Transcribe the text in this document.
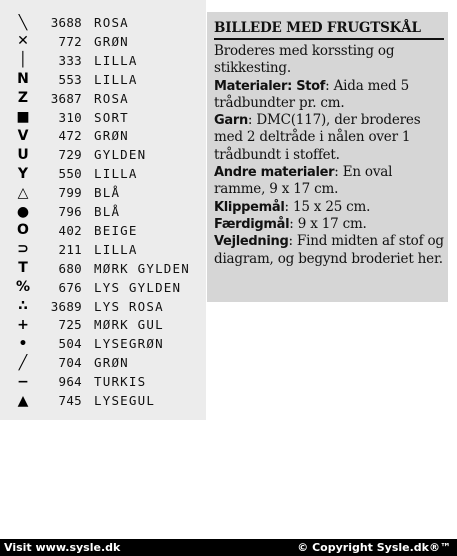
╲	3688 ROSA
✕ 772 GRØN
│	333 LILLA
Ν 553 LILLA
Z	3687 ROSA
■ 310 SORT
V 472 GRØN
U 729 GYLDEN
Y	550 LILLA
△ 799 BLÅ
● 796 BLÅ
O 402 BEIGE
⊃ 211 LILLA
T	680 MØRK GYLDEN
% 676 LYS GYLDEN
∴	3689 LYS ROSA
+ 725 MØRK GUL
•	504 LYSEGRØN
╱	704 GRØN
− 964 TURKIS
▲ 745 LYSEGUL
BILLEDE MED FRUGTSKÅL

Broderes med korssting og stikkesting.

Materialer: Stof: Aida med 5 trådbundter pr. cm.

Garn: DMC(117), der broderes med 2 deltråde i nålen over 1 trådbundt i stoffet.

Andre materialer: En oval ramme, 9 x 17 cm.

Klippemål: 15 x 25 cm.

Færdigmål: 9 x 17 cm.

Vejledning: Find midten af stof og diagram, og begynd broderiet her.

Visit www.sysle.dk	© Copyright Sysle.dk®™
